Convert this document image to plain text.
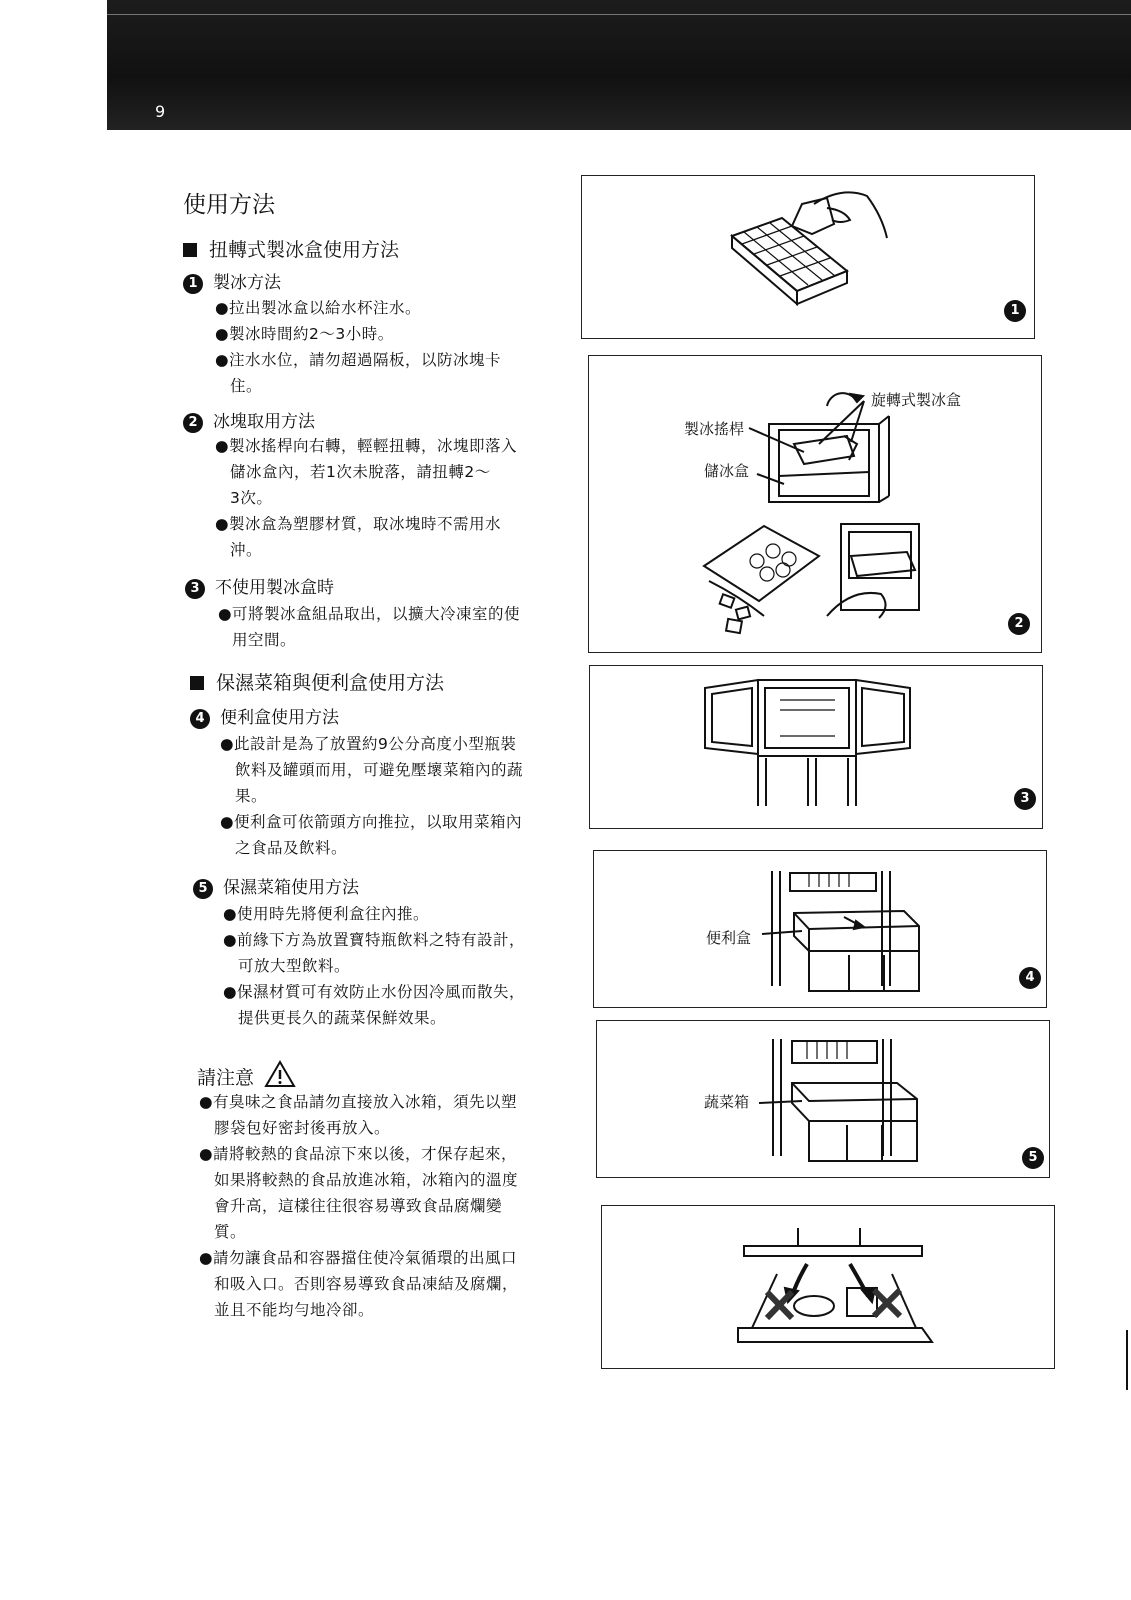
9
使用方法
扭轉式製冰盒使用方法
1 製冰方法
●拉出製冰盒以給水杯注水。
●製冰時間約2～3小時。
●注水水位，請勿超過隔板，以防冰塊卡
住。
2 冰塊取用方法
●製冰搖桿向右轉，輕輕扭轉，冰塊即落入
儲冰盒內，若1次未脫落，請扭轉2～
3次。
●製冰盒為塑膠材質，取冰塊時不需用水
沖。
3 不使用製冰盒時
●可將製冰盒組品取出，以擴大冷凍室的使
用空間。
保濕菜箱與便利盒使用方法
4 便利盒使用方法
●此設計是為了放置約9公分高度小型瓶裝
飲料及罐頭而用，可避免壓壞菜箱內的蔬
果。
●便利盒可依箭頭方向推拉，以取用菜箱內
之食品及飲料。
5 保濕菜箱使用方法
●使用時先將便利盒往內推。
●前緣下方為放置寶特瓶飲料之特有設計，
可放大型飲料。
●保濕材質可有效防止水份因冷風而散失，
提供更長久的蔬菜保鮮效果。
請注意
●有臭味之食品請勿直接放入冰箱，須先以塑
膠袋包好密封後再放入。
●請將較熱的食品涼下來以後，才保存起來，
如果將較熱的食品放進冰箱，冰箱內的溫度
會升高，這樣往往很容易導致食品腐爛變
質。
●請勿讓食品和容器擋住使冷氣循環的出風口
和吸入口。否則容易導致食品凍結及腐爛，
並且不能均勻地冷卻。
1
旋轉式製冰盒
製冰搖桿
儲冰盒
2
3
便利盒
4
蔬菜箱
5
